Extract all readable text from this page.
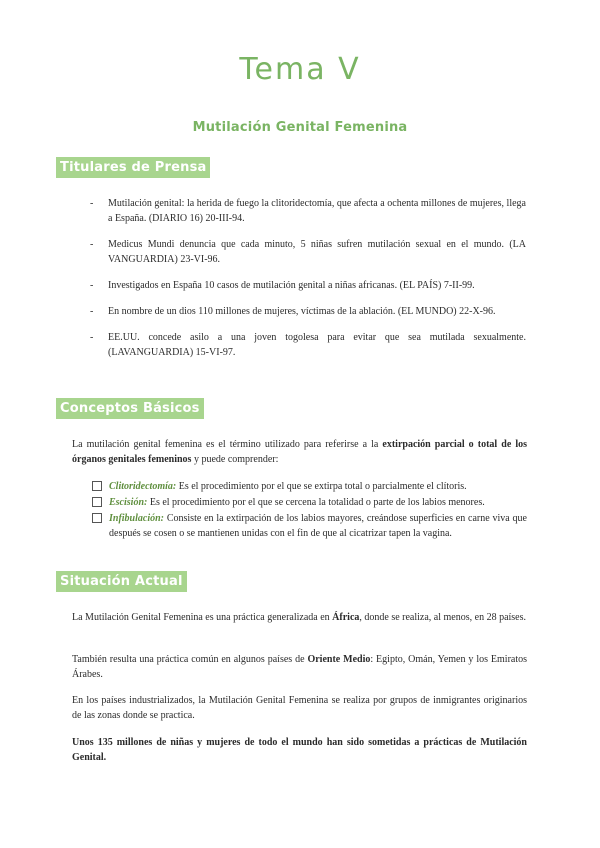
Tema V
Mutilación Genital Femenina
Titulares de Prensa
- Mutilación genital: la herida de fuego la clitoridectomía, que afecta a ochenta millones de mujeres, llega a España. (DIARIO 16) 20-III-94.
- Medicus Mundi denuncia que cada minuto, 5 niñas sufren mutilación sexual en el mundo. (LA VANGUARDIA) 23-VI-96.
- Investigados en España 10 casos de mutilación genital a niñas africanas. (EL PAÍS) 7-II-99.
- En nombre de un dios 110 millones de mujeres, víctimas de la ablación. (EL MUNDO) 22-X-96.
- EE.UU. concede asilo a una joven togolesa para evitar que sea mutilada sexualmente. (LAVANGUARDIA) 15-VI-97.
Conceptos Básicos

La mutilación genital femenina es el término utilizado para referirse a la extirpación parcial o total de los órganos genitales femeninos y puede comprender:

Clitoridectomía: Es el procedimiento por el que se extirpa total o parcialmente el clítoris.
Escisión: Es el procedimiento por el que se cercena la totalidad o parte de los labios menores.
Infibulación: Consiste en la extirpación de los labios mayores, creándose superficies en carne viva que después se cosen o se mantienen unidas con el fin de que al cicatrizar tapen la vagina.
Situación Actual

La Mutilación Genital Femenina es una práctica generalizada en África, donde se realiza, al menos, en 28 países.

También resulta una práctica común en algunos países de Oriente Medio: Egipto, Omán, Yemen y los Emiratos Árabes.

En los países industrializados, la Mutilación Genital Femenina se realiza por grupos de inmigrantes originarios de las zonas donde se practica.

Unos 135 millones de niñas y mujeres de todo el mundo han sido sometidas a prácticas de Mutilación Genital.
